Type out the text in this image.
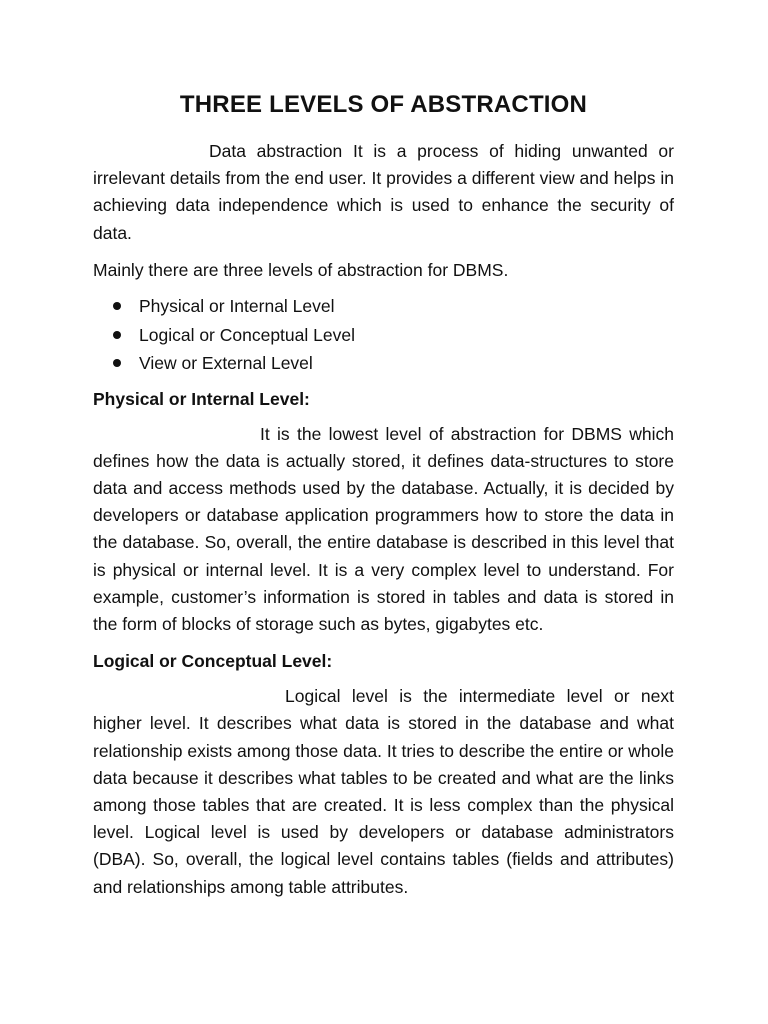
THREE LEVELS OF ABSTRACTION

Data abstraction It is a process of hiding unwanted or irrelevant details from the end user. It provides a different view and helps in achieving data independence which is used to enhance the security of data.

Mainly there are three levels of abstraction for DBMS.

Physical or Internal Level
Logical or Conceptual Level
View or External Level

Physical or Internal Level:

It is the lowest level of abstraction for DBMS which defines how the data is actually stored, it defines data-structures to store data and access methods used by the database. Actually, it is decided by developers or database application programmers how to store the data in the database. So, overall, the entire database is described in this level that is physical or internal level. It is a very complex level to understand. For example, customer’s information is stored in tables and data is stored in the form of blocks of storage such as bytes, gigabytes etc.

Logical or Conceptual Level:

Logical level is the intermediate level or next higher level. It describes what data is stored in the database and what relationship exists among those data. It tries to describe the entire or whole data because it describes what tables to be created and what are the links among those tables that are created. It is less complex than the physical level. Logical level is used by developers or database administrators (DBA). So, overall, the logical level contains tables (fields and attributes) and relationships among table attributes.
